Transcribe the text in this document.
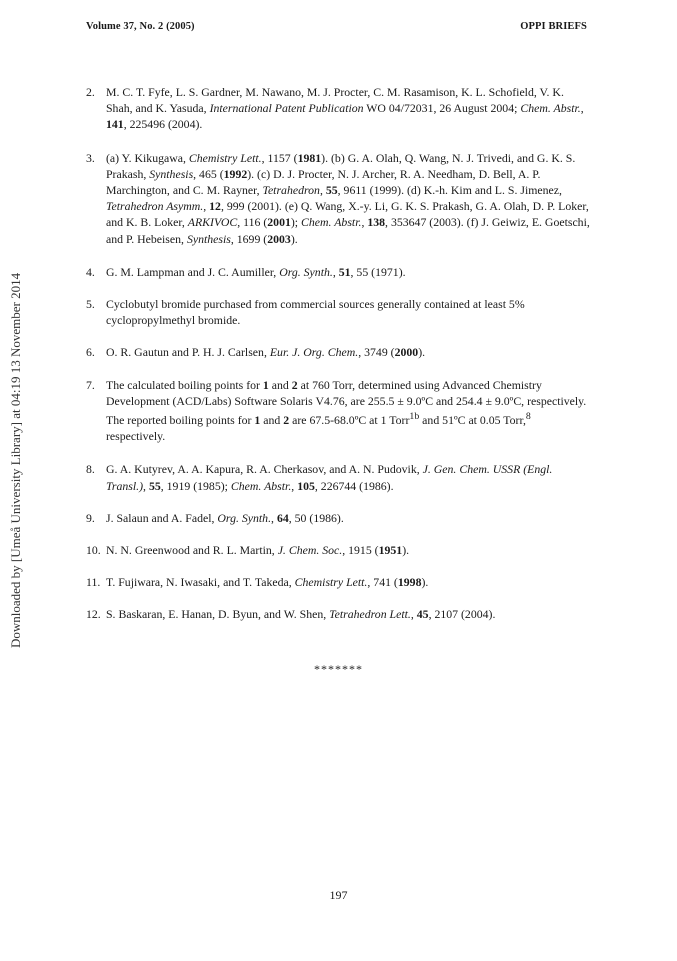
Volume 37, No. 2 (2005)	OPPI BRIEFS
Downloaded by [Umeå University Library] at 04:19 13 November 2014

2. M. C. T. Fyfe, L. S. Gardner, M. Nawano, M. J. Procter, C. M. Rasamison, K. L. Schofield, V. K. Shah, and K. Yasuda, International Patent Publication WO 04/72031, 26 August 2004; Chem. Abstr., 141, 225496 (2004).

3. (a) Y. Kikugawa, Chemistry Lett., 1157 (1981). (b) G. A. Olah, Q. Wang, N. J. Trivedi, and G. K. S. Prakash, Synthesis, 465 (1992). (c) D. J. Procter, N. J. Archer, R. A. Needham, D. Bell, A. P. Marchington, and C. M. Rayner, Tetrahedron, 55, 9611 (1999). (d) K.-h. Kim and L. S. Jimenez, Tetrahedron Asymm., 12, 999 (2001). (e) Q. Wang, X.-y. Li, G. K. S. Prakash, G. A. Olah, D. P. Loker, and K. B. Loker, ARKIVOC, 116 (2001); Chem. Abstr., 138, 353647 (2003). (f) J. Geiwiz, E. Goetschi, and P. Hebeisen, Synthesis, 1699 (2003).

4. G. M. Lampman and J. C. Aumiller, Org. Synth., 51, 55 (1971).

5. Cyclobutyl bromide purchased from commercial sources generally contained at least 5% cyclopropylmethyl bromide.

6. O. R. Gautun and P. H. J. Carlsen, Eur. J. Org. Chem., 3749 (2000).

7. The calculated boiling points for 1 and 2 at 760 Torr, determined using Advanced Chemistry Development (ACD/Labs) Software Solaris V4.76, are 255.5 ± 9.0ºC and 254.4 ± 9.0ºC, respectively. The reported boiling points for 1 and 2 are 67.5-68.0ºC at 1 Torr$^{1b}$ and 51ºC at 0.05 Torr,$^8$ respectively.

8. G. A. Kutyrev, A. A. Kapura, R. A. Cherkasov, and A. N. Pudovik, J. Gen. Chem. USSR (Engl. Transl.), 55, 1919 (1985); Chem. Abstr., 105, 226744 (1986).

9. J. Salaun and A. Fadel, Org. Synth., 64, 50 (1986).

10. N. N. Greenwood and R. L. Martin, J. Chem. Soc., 1915 (1951).

11. T. Fujiwara, N. Iwasaki, and T. Takeda, Chemistry Lett., 741 (1998).

12. S. Baskaran, E. Hanan, D. Byun, and W. Shen, Tetrahedron Lett., 45, 2107 (2004).

*******
197
